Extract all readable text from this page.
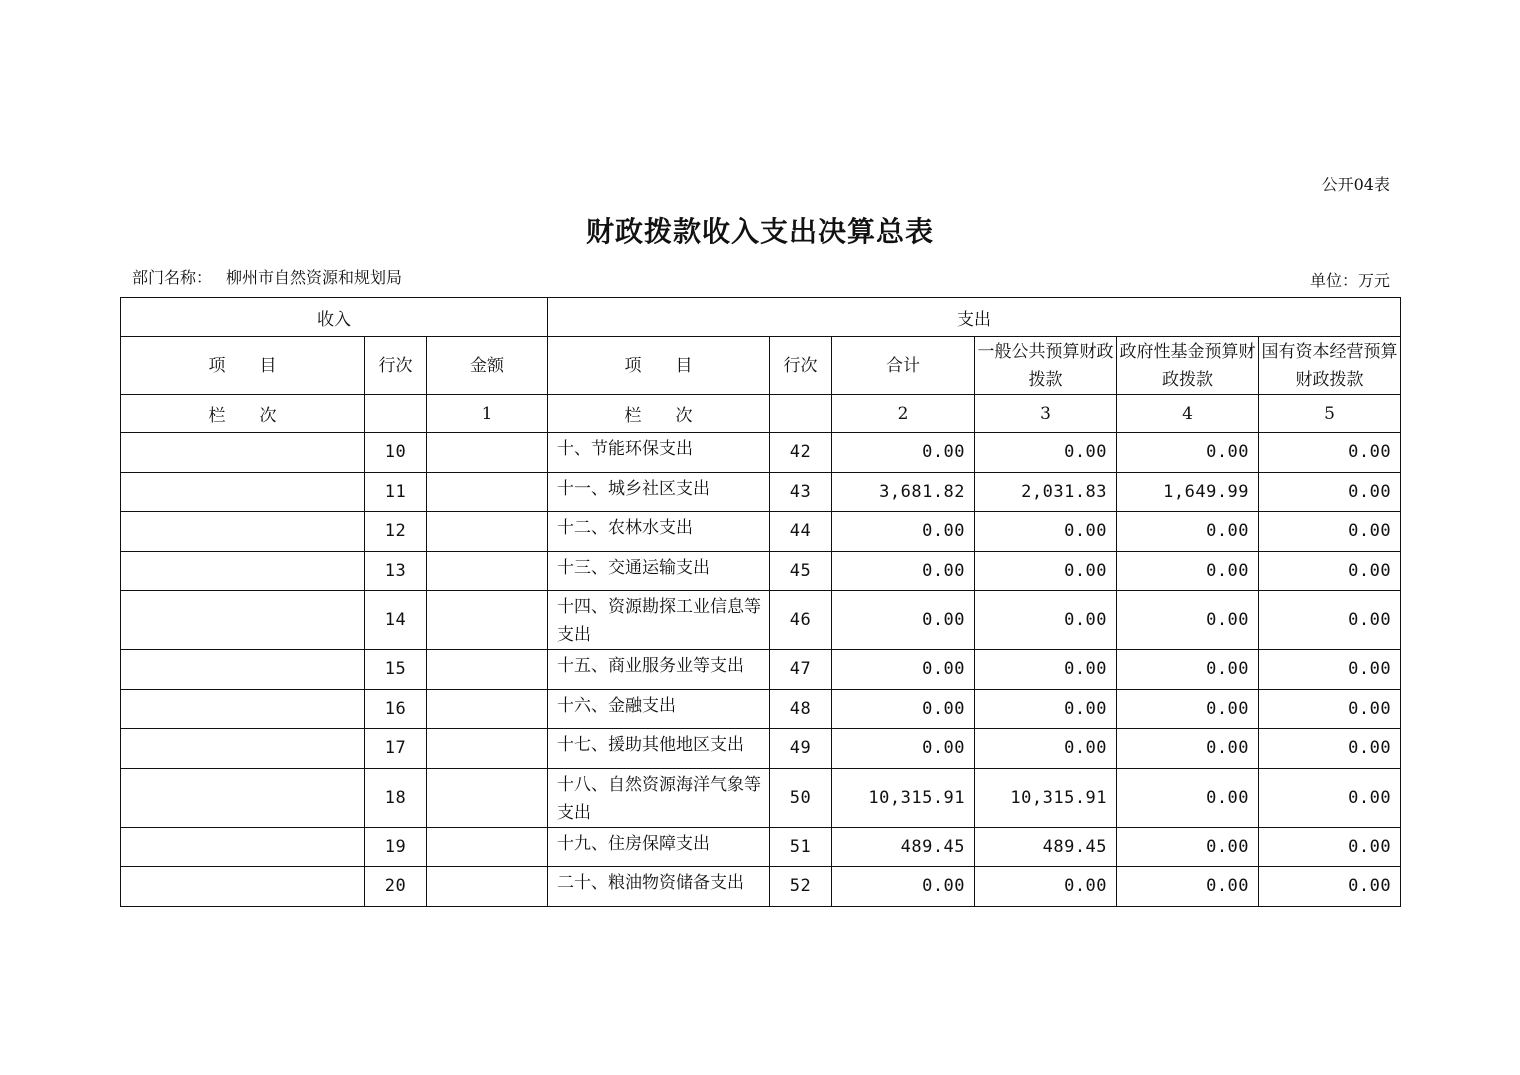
公开04表
财政拨款收入支出决算总表
部门名称： 柳州市自然资源和规划局	单位：万元
收入			支出					
项　　目	行次	金额	项　　目	行次	合计	一般公共预算财政拨款	政府性基金预算财政拨款	国有资本经营预算财政拨款
栏　　次		1	栏　　次		2	3	4	5
	10		十、节能环保支出	42	0.00	0.00	0.00	0.00
	11		十一、城乡社区支出	43	3,681.82	2,031.83	1,649.99	0.00
	12		十二、农林水支出	44	0.00	0.00	0.00	0.00
	13		十三、交通运输支出	45	0.00	0.00	0.00	0.00
	14		十四、资源勘探工业信息等支出	46	0.00	0.00	0.00	0.00
	15		十五、商业服务业等支出	47	0.00	0.00	0.00	0.00
	16		十六、金融支出	48	0.00	0.00	0.00	0.00
	17		十七、援助其他地区支出	49	0.00	0.00	0.00	0.00
	18		十八、自然资源海洋气象等支出	50	10,315.91	10,315.91	0.00	0.00
	19		十九、住房保障支出	51	489.45	489.45	0.00	0.00
	20		二十、粮油物资储备支出	52	0.00	0.00	0.00	0.00
